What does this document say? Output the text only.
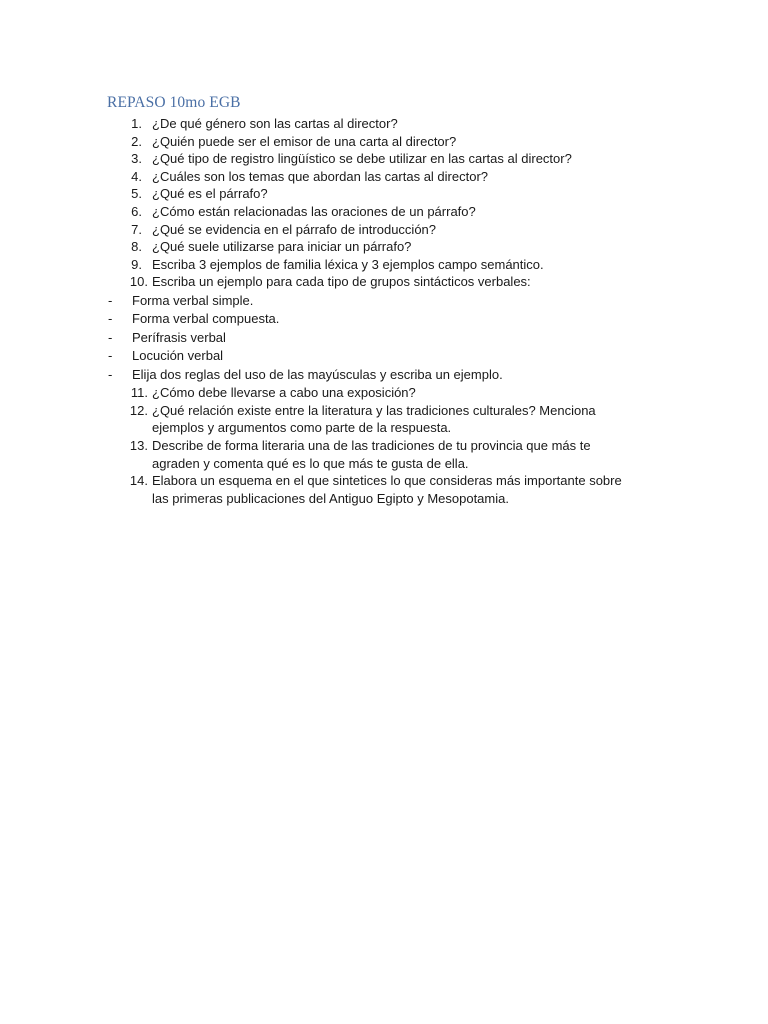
REPASO 10mo EGB
1. ¿De qué género son las cartas al director?
2. ¿Quién puede ser el emisor de una carta al director?
3. ¿Qué tipo de registro lingüístico se debe utilizar en las cartas al director?
4. ¿Cuáles son los temas que abordan las cartas al director?
5. ¿Qué es el párrafo?
6. ¿Cómo están relacionadas las oraciones de un párrafo?
7. ¿Qué se evidencia en el párrafo de introducción?
8. ¿Qué suele utilizarse para iniciar un párrafo?
9. Escriba 3 ejemplos de familia léxica y 3 ejemplos campo semántico.
10. Escriba un ejemplo para cada tipo de grupos sintácticos verbales:
- Forma verbal simple.
- Forma verbal compuesta.
- Perífrasis verbal
- Locución verbal
- Elija dos reglas del uso de las mayúsculas y escriba un ejemplo.
11. ¿Cómo debe llevarse a cabo una exposición?
12. ¿Qué relación existe entre la literatura y las tradiciones culturales? Menciona
ejemplos y argumentos como parte de la respuesta.
13. Describe de forma literaria una de las tradiciones de tu provincia que más te
agraden y comenta qué es lo que más te gusta de ella.
14. Elabora un esquema en el que sintetices lo que consideras más importante sobre
las primeras publicaciones del Antiguo Egipto y Mesopotamia.
